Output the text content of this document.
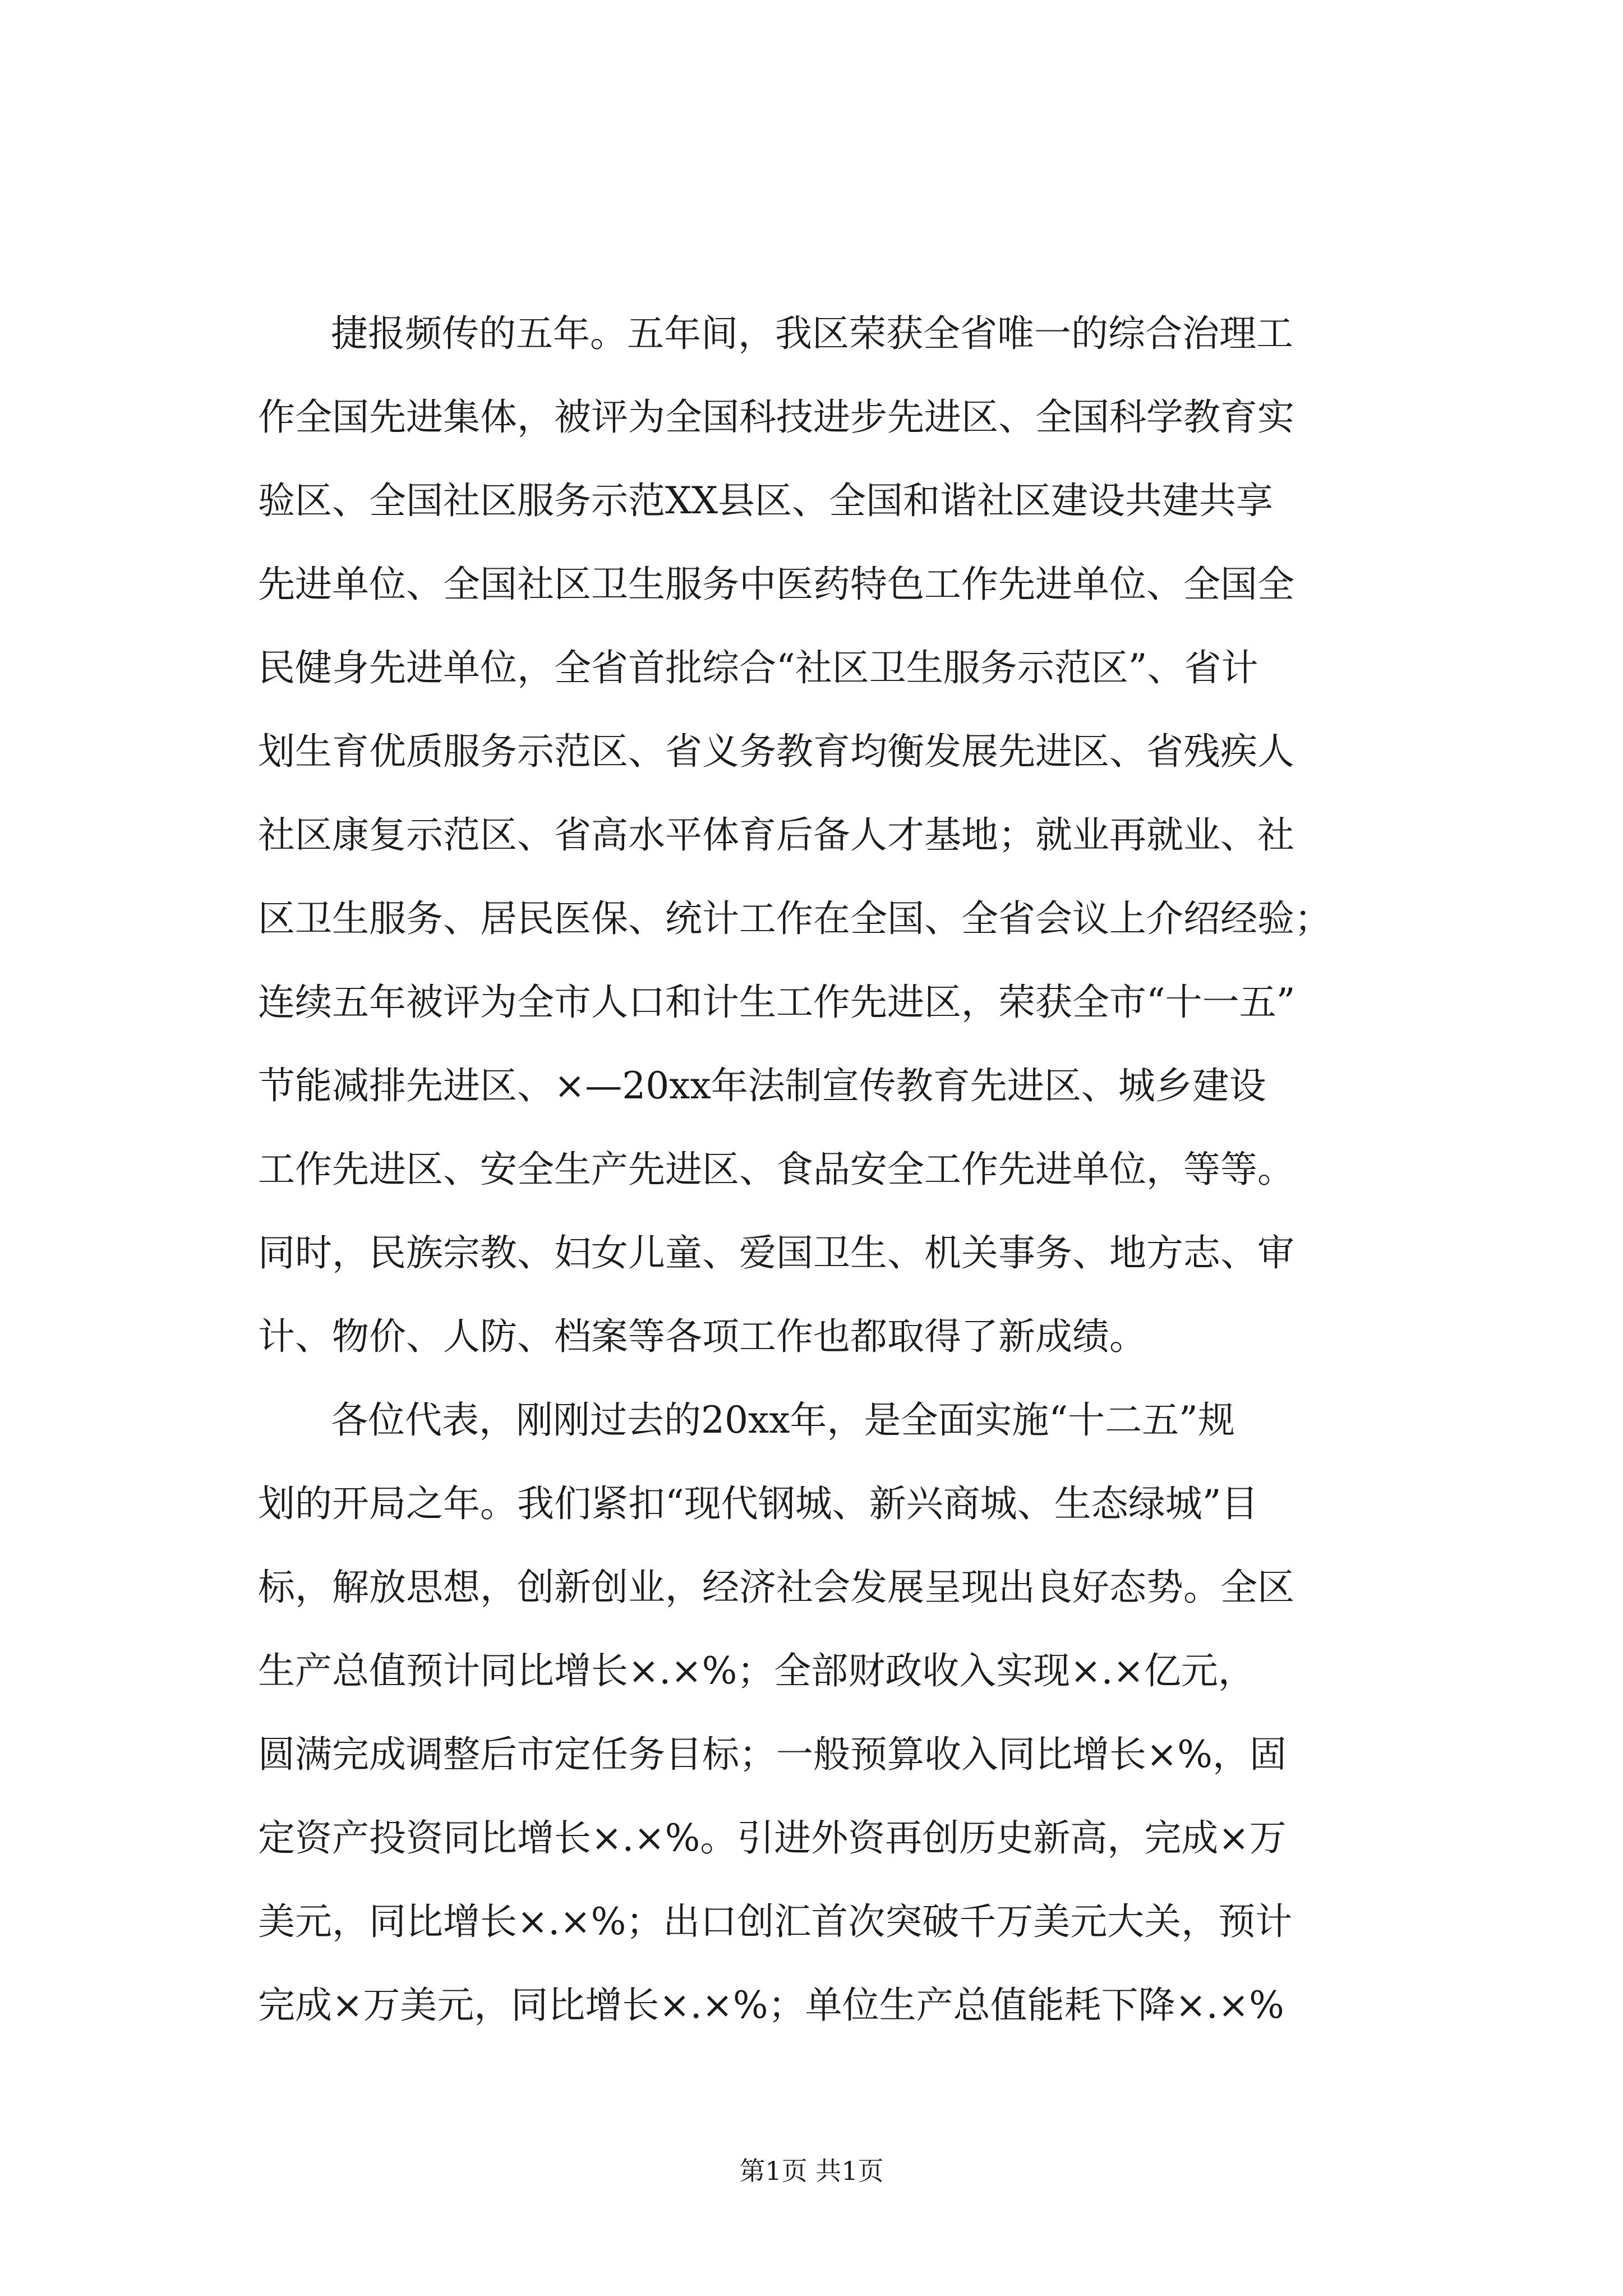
捷报频传的五年。五年间，我区荣获全省唯一的综合治理工
作全国先进集体，被评为全国科技进步先进区、全国科学教育实
验区、全国社区服务示范XX县区、全国和谐社区建设共建共享
先进单位、全国社区卫生服务中医药特色工作先进单位、全国全
民健身先进单位，全省首批综合“社区卫生服务示范区”、省计
划生育优质服务示范区、省义务教育均衡发展先进区、省残疾人
社区康复示范区、省高水平体育后备人才基地；就业再就业、社
区卫生服务、居民医保、统计工作在全国、全省会议上介绍经验；
连续五年被评为全市人口和计生工作先进区，荣获全市“十一五”
节能减排先进区、×—20xx年法制宣传教育先进区、城乡建设
工作先进区、安全生产先进区、食品安全工作先进单位，等等。
同时，民族宗教、妇女儿童、爱国卫生、机关事务、地方志、审
计、物价、人防、档案等各项工作也都取得了新成绩。
各位代表，刚刚过去的20xx年，是全面实施“十二五”规
划的开局之年。我们紧扣“现代钢城、新兴商城、生态绿城”目
标，解放思想，创新创业，经济社会发展呈现出良好态势。全区
生产总值预计同比增长×.×%；全部财政收入实现×.×亿元，
圆满完成调整后市定任务目标；一般预算收入同比增长×%，固
定资产投资同比增长×.×%。引进外资再创历史新高，完成×万
美元，同比增长×.×%；出口创汇首次突破千万美元大关，预计
完成×万美元，同比增长×.×%；单位生产总值能耗下降×.×%
第1页 共1页
